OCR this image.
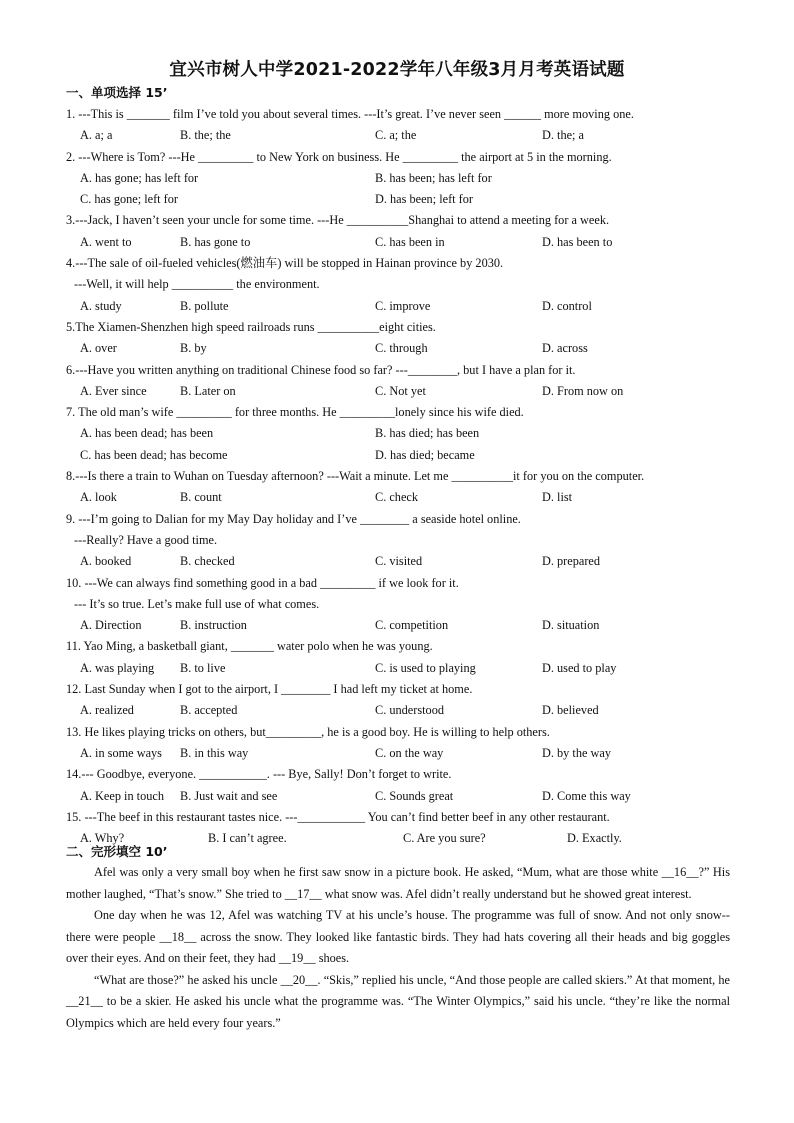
宜兴市树人中学2021-2022学年八年级3月月考英语试题
一、单项选择 15’
1. ---This is _______ film I’ve told you about several times. ---It’s great. I’ve never seen ______ more moving one.
A. a; a	B. the; the	C. a; the	D. the; a
2. ---Where is Tom? ---He _________ to New York on business. He _________ the airport at 5 in the morning.
A. has gone; has left for	B. has been; has left for
C. has gone; left for	D. has been; left for
3.---Jack, I haven’t seen your uncle for some time. ---He __________Shanghai to attend a meeting for a week.
A. went to	B. has gone to	C. has been in	D. has been to
4.---The sale of oil-fueled vehicles(燃油车) will be stopped in Hainan province by 2030.
---Well, it will help __________ the environment.
A. study	B. pollute	C. improve	D. control
5.The Xiamen-Shenzhen high speed railroads runs __________eight cities.
A. over	B. by	C. through	D. across
6.---Have you written anything on traditional Chinese food so far? ---________, but I have a plan for it.
A. Ever since	B. Later on	C. Not yet	D. From now on
7. The old man’s wife _________ for three months. He _________lonely since his wife died.
A. has been dead; has been	B. has died; has been
C. has been dead; has become	D. has died; became
8.---Is there a train to Wuhan on Tuesday afternoon? ---Wait a minute. Let me __________it for you on the computer.
A. look	B. count	C. check	D. list
9. ---I’m going to Dalian for my May Day holiday and I’ve ________ a seaside hotel online.
---Really? Have a good time.
A. booked	B. checked	C. visited	D. prepared
10. ---We can always find something good in a bad _________ if we look for it.
--- It’s so true. Let’s make full use of what comes.
A. Direction	B. instruction	C. competition	D. situation
11. Yao Ming, a basketball giant, _______ water polo when he was young.
A. was playing B. to live	C. is used to playing	D. used to play
12. Last Sunday when I got to the airport, I ________ I had left my ticket at home.
A. realized	B. accepted	C. understood	D. believed
13. He likes playing tricks on others, but_________, he is a good boy. He is willing to help others.
A. in some ways B. in this way	C. on the way	D. by the way
14.--- Goodbye, everyone. ___________. --- Bye, Sally! Don’t forget to write.
A. Keep in touch B. Just wait and see	C. Sounds great	D. Come this way
15. ---The beef in this restaurant tastes nice. ---___________ You can’t find better beef in any other restaurant.
A. Why?	B. I can’t agree.	C. Are you sure?	D. Exactly.
二、完形填空 10’

Afel was only a very small boy when he first saw snow in a picture book. He asked, “Mum, what are those white __16__?” His mother laughed, “That’s snow.” She tried to __17__ what snow was. Afel didn’t really understand but he showed great interest.

One day when he was 12, Afel was watching TV at his uncle’s house. The programme was full of snow. And not only snow--there were people __18__ across the snow. They looked like fantastic birds. They had hats covering all their heads and big goggles over their eyes. And on their feet, they had __19__ shoes.

“What are those?” he asked his uncle __20__. “Skis,” replied his uncle, “And those people are called skiers.” At that moment, he __21__ to be a skier. He asked his uncle what the programme was. “The Winter Olympics,” said his uncle. “they’re like the normal Olympics which are held every four years.”
